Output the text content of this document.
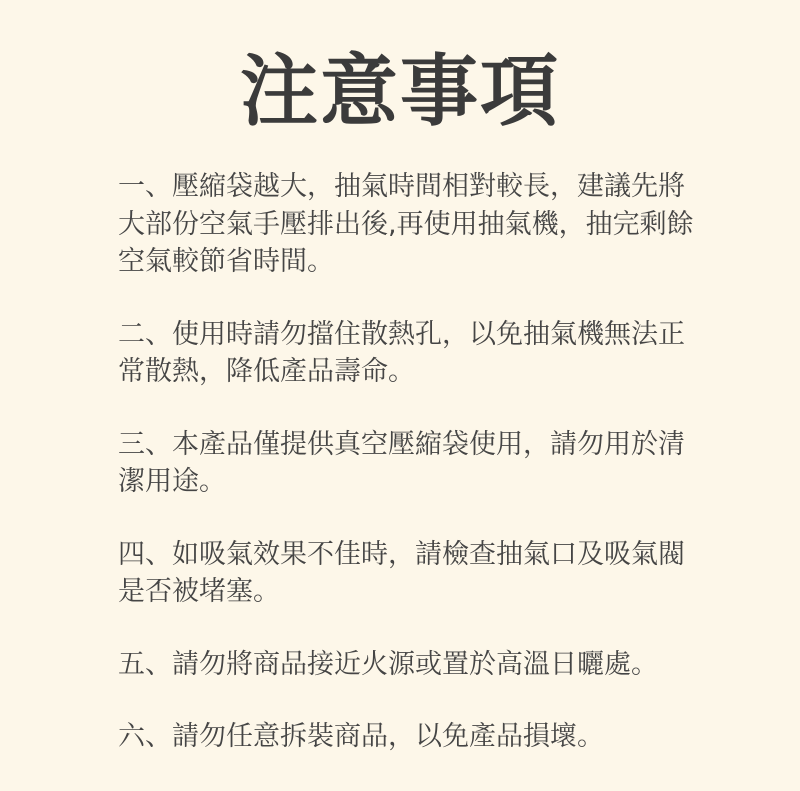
注意事項
一、壓縮袋越大，抽氣時間相對較長，建議先將大部份空氣手壓排出後,再使用抽氣機，抽完剩餘空氣較節省時間。
二、使用時請勿擋住散熱孔，以免抽氣機無法正常散熱，降低產品壽命。
三、本產品僅提供真空壓縮袋使用，請勿用於清潔用途。
四、如吸氣效果不佳時，請檢查抽氣口及吸氣閥是否被堵塞。
五、請勿將商品接近火源或置於高溫日曬處。
六、請勿任意拆裝商品，以免產品損壞。
